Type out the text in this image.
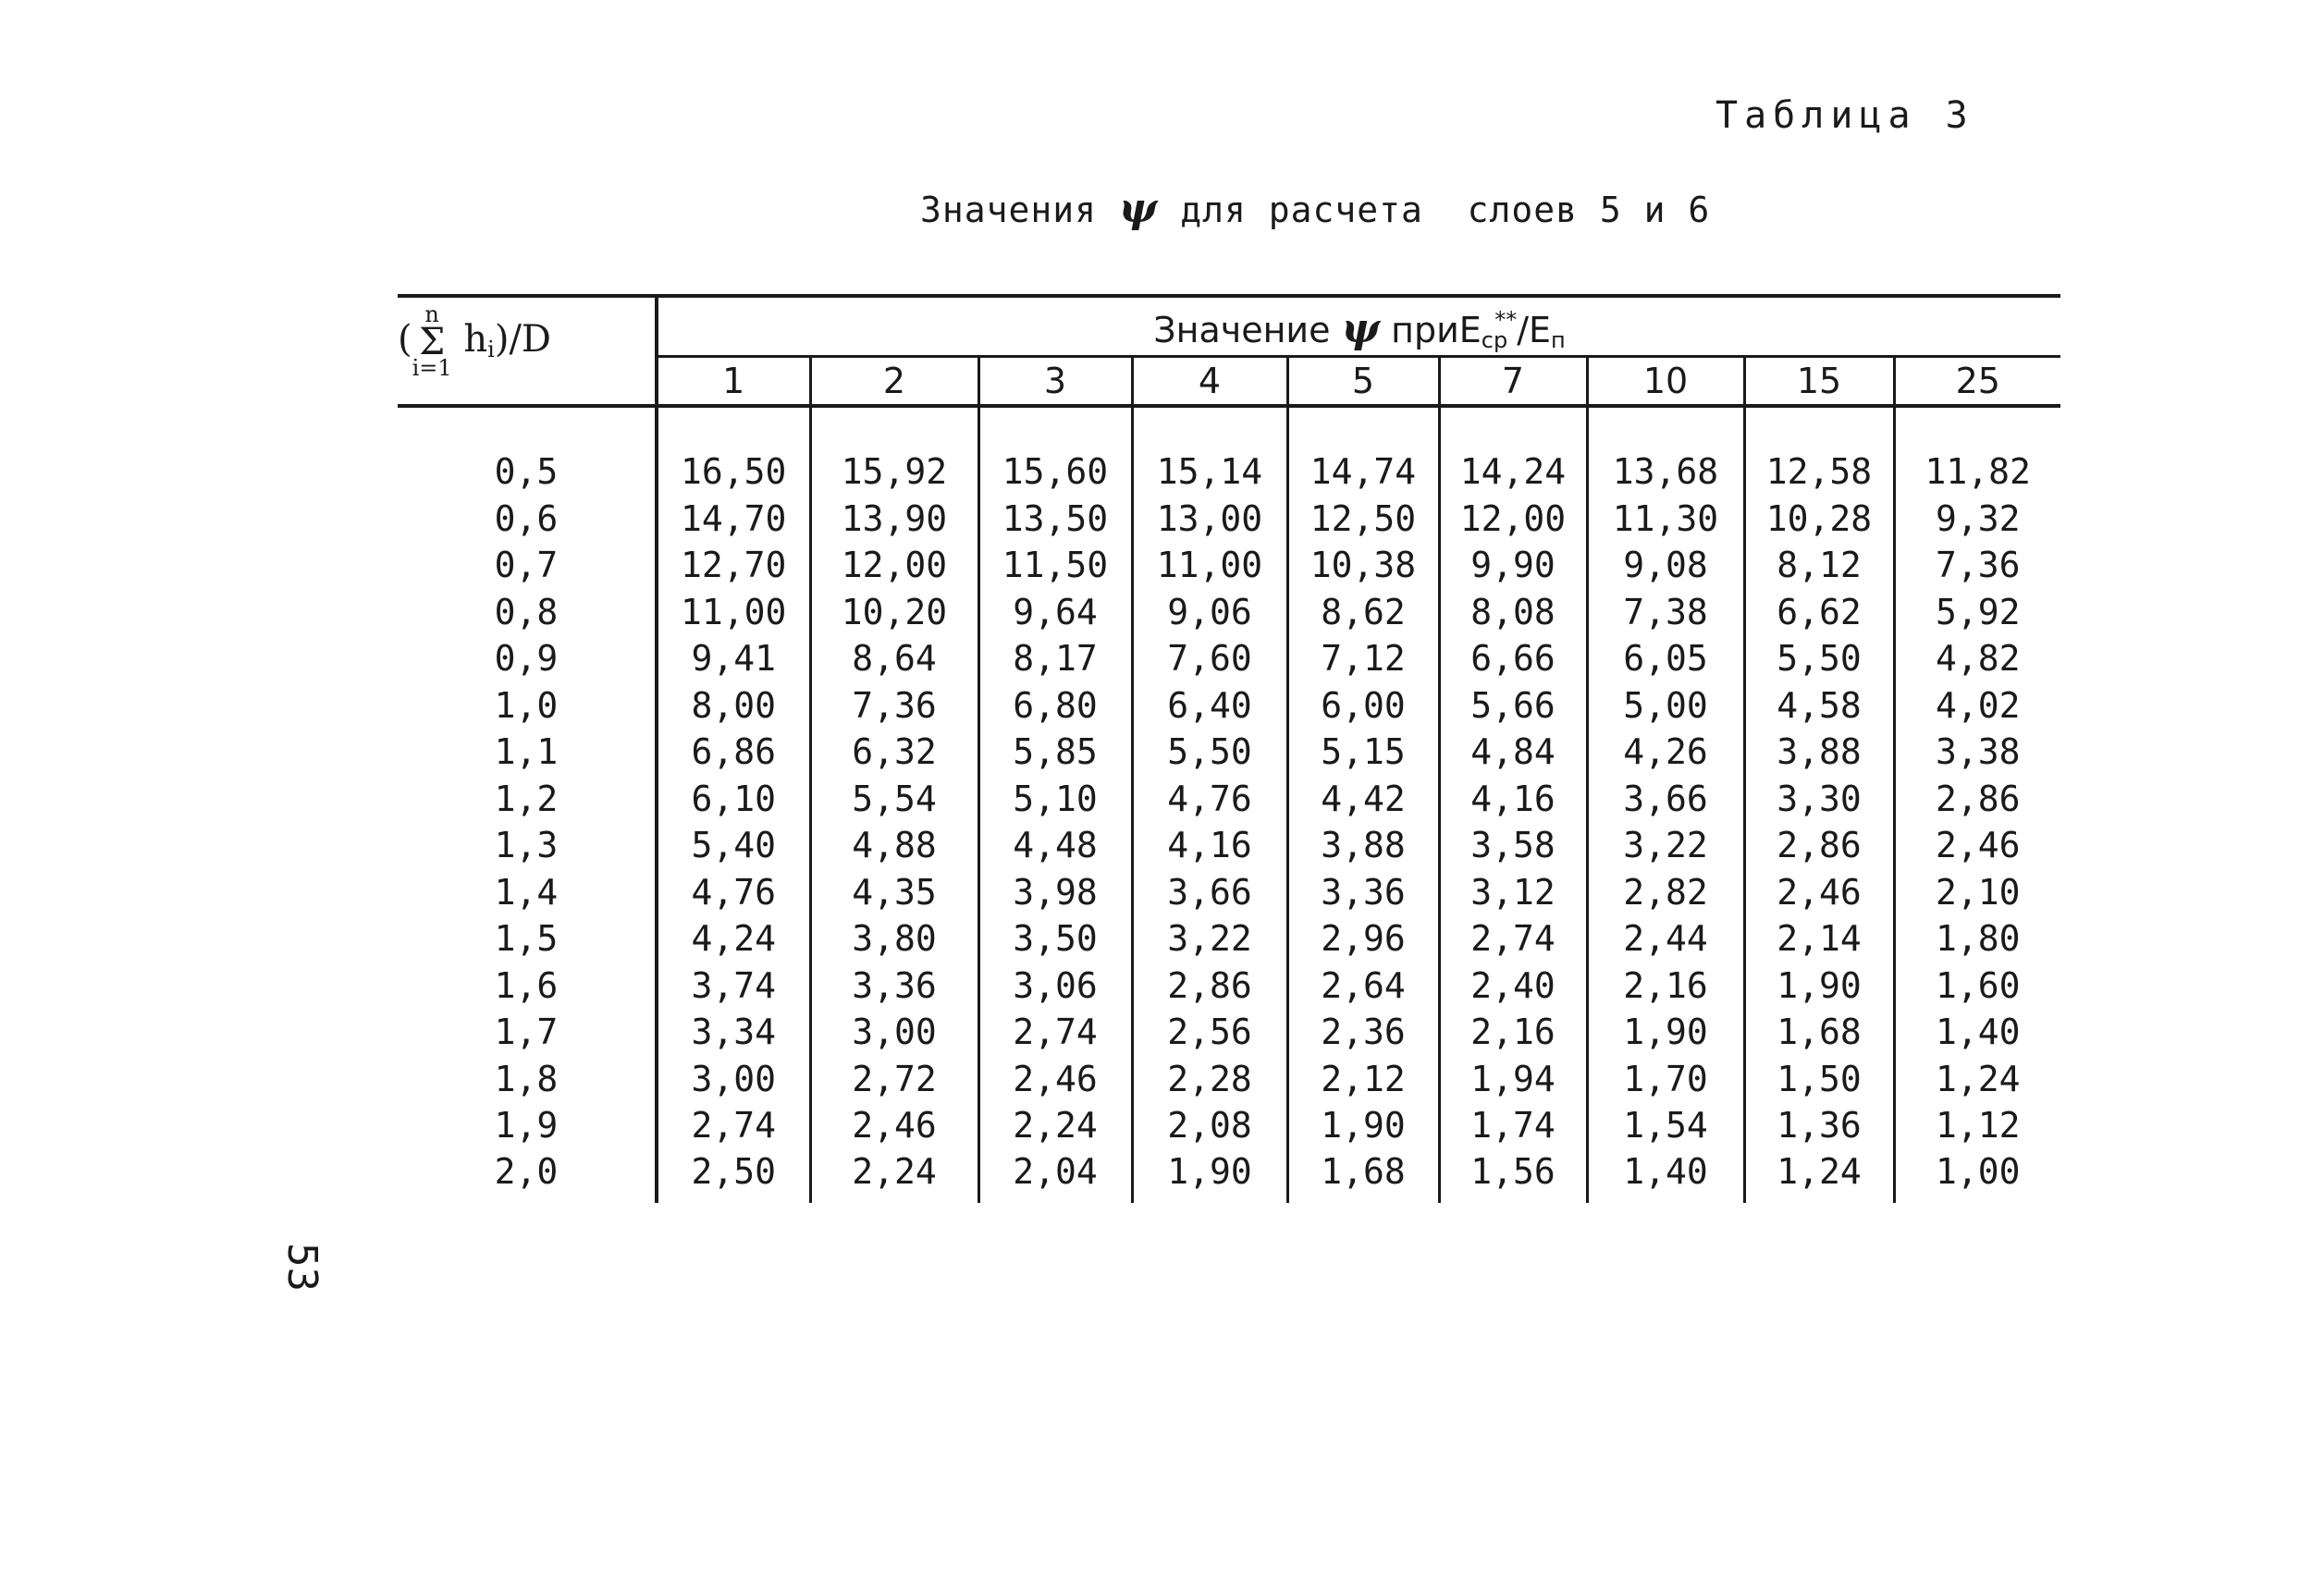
Таблица 3
Значения ψ для расчета  слоев 5 и 6
(
n
Σ
i=1
$h_i)/D$	Значение ψ $приE_{ср}^{**}/E_п$
	1	2	3	4	5	7	10	15	25

0,5	16,50	15,92	15,60	15,14	14,74	14,24	13,68	12,58	11,82
0,6	14,70	13,90	13,50	13,00	12,50	12,00	11,30	10,28	9,32
0,7	12,70	12,00	11,50	11,00	10,38	9,90	9,08	8,12	7,36
0,8	11,00	10,20	9,64	9,06	8,62	8,08	7,38	6,62	5,92
0,9	9,41	8,64	8,17	7,60	7,12	6,66	6,05	5,50	4,82
1,0	8,00	7,36	6,80	6,40	6,00	5,66	5,00	4,58	4,02
1,1	6,86	6,32	5,85	5,50	5,15	4,84	4,26	3,88	3,38
1,2	6,10	5,54	5,10	4,76	4,42	4,16	3,66	3,30	2,86
1,3	5,40	4,88	4,48	4,16	3,88	3,58	3,22	2,86	2,46
1,4	4,76	4,35	3,98	3,66	3,36	3,12	2,82	2,46	2,10
1,5	4,24	3,80	3,50	3,22	2,96	2,74	2,44	2,14	1,80
1,6	3,74	3,36	3,06	2,86	2,64	2,40	2,16	1,90	1,60
1,7	3,34	3,00	2,74	2,56	2,36	2,16	1,90	1,68	1,40
1,8	3,00	2,72	2,46	2,28	2,12	1,94	1,70	1,50	1,24
1,9	2,74	2,46	2,24	2,08	1,90	1,74	1,54	1,36	1,12
2,0	2,50	2,24	2,04	1,90	1,68	1,56	1,40	1,24	1,00
53
